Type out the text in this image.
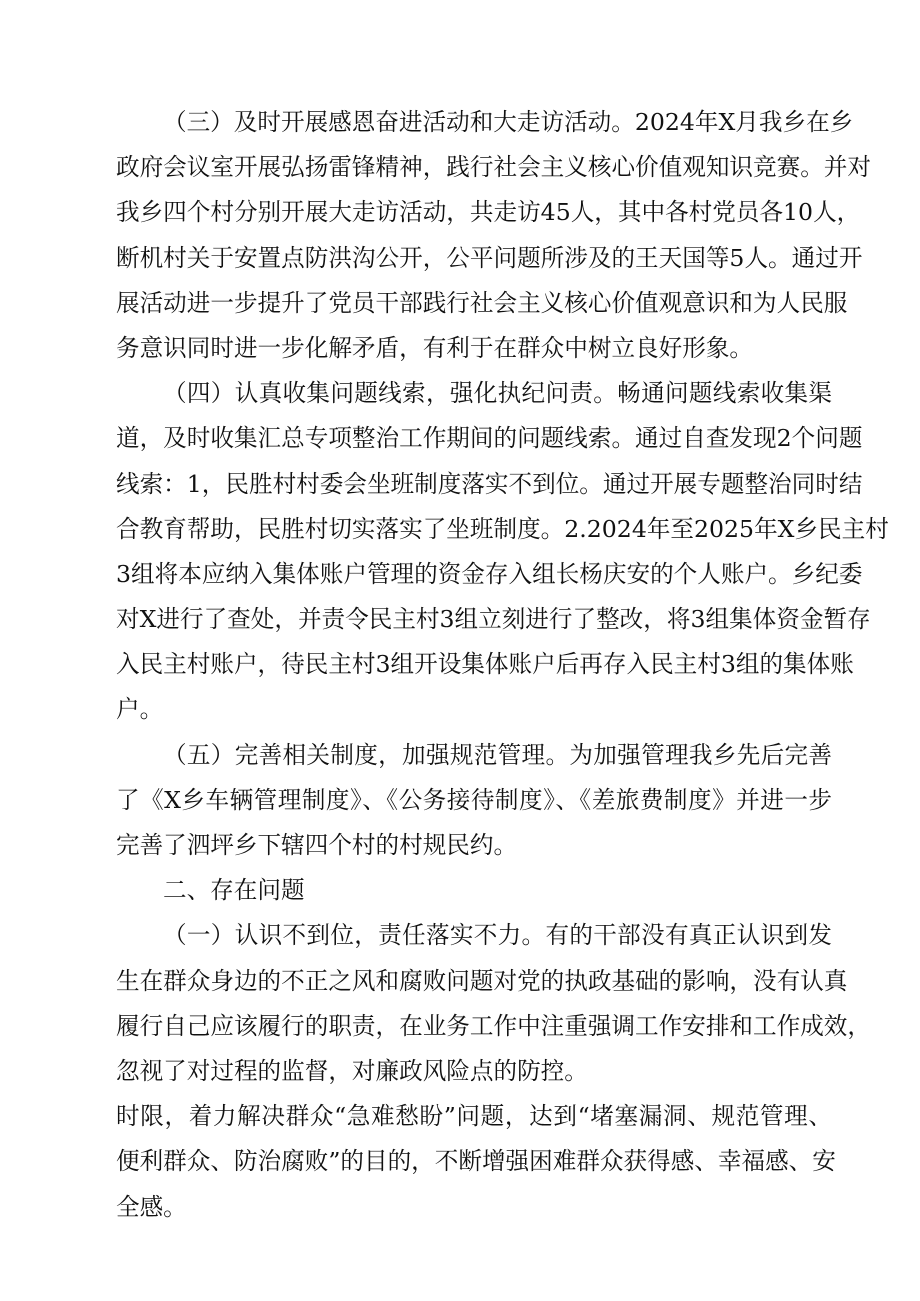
（三）及时开展感恩奋进活动和大走访活动。2024年X月我乡在乡
政府会议室开展弘扬雷锋精神，践行社会主义核心价值观知识竞赛。并对
我乡四个村分别开展大走访活动，共走访45人，其中各村党员各10人，
断机村关于安置点防洪沟公开，公平问题所涉及的王天国等5人。通过开
展活动进一步提升了党员干部践行社会主义核心价值观意识和为人民服
务意识同时进一步化解矛盾，有利于在群众中树立良好形象。
（四）认真收集问题线索，强化执纪问责。畅通问题线索收集渠
道，及时收集汇总专项整治工作期间的问题线索。通过自查发现2个问题
线索：1，民胜村村委会坐班制度落实不到位。通过开展专题整治同时结
合教育帮助，民胜村切实落实了坐班制度。2.2024年至2025年X乡民主村
3组将本应纳入集体账户管理的资金存入组长杨庆安的个人账户。乡纪委
对X进行了查处，并责令民主村3组立刻进行了整改，将3组集体资金暂存
入民主村账户，待民主村3组开设集体账户后再存入民主村3组的集体账
户。
（五）完善相关制度，加强规范管理。为加强管理我乡先后完善
了《X乡车辆管理制度》、《公务接待制度》、《差旅费制度》并进一步
完善了泗坪乡下辖四个村的村规民约。
二、存在问题
（一）认识不到位，责任落实不力。有的干部没有真正认识到发
生在群众身边的不正之风和腐败问题对党的执政基础的影响，没有认真
履行自己应该履行的职责，在业务工作中注重强调工作安排和工作成效，
忽视了对过程的监督，对廉政风险点的防控。
时限，着力解决群众“急难愁盼”问题，达到“堵塞漏洞、规范管理、
便利群众、防治腐败”的目的，不断增强困难群众获得感、幸福感、安
全感。
